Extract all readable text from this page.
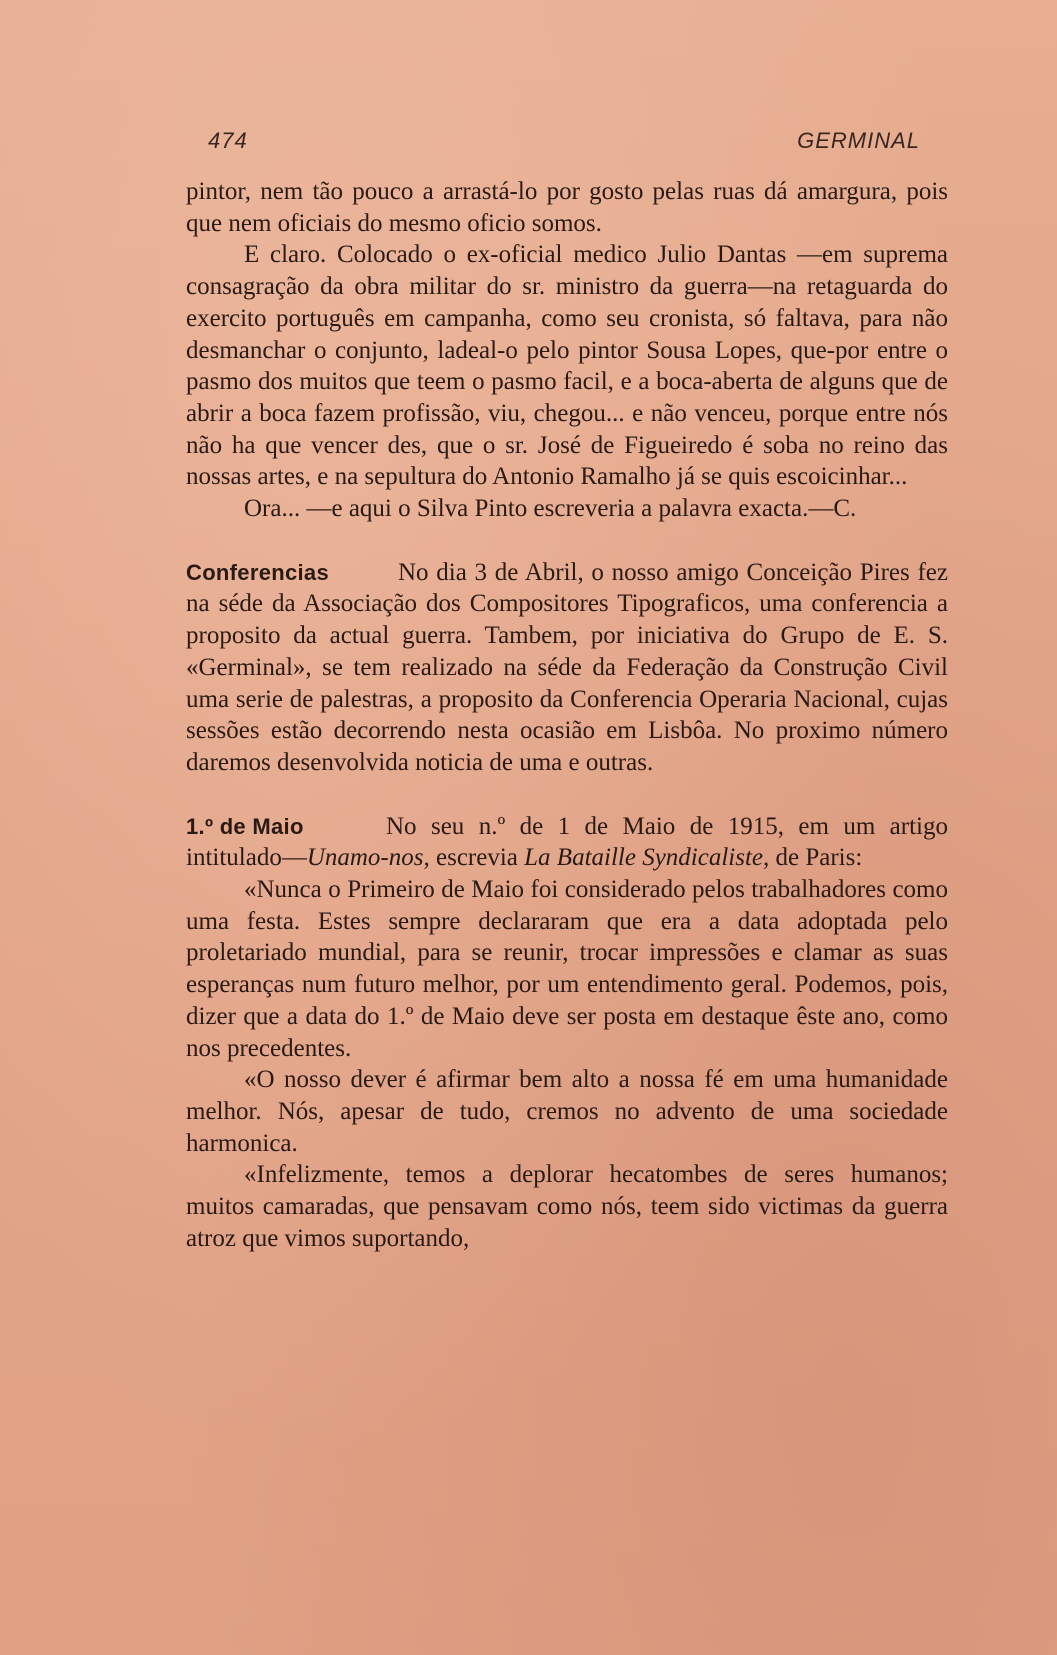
474	GERMINAL

pintor, nem tão pouco a arrastá-lo por gosto pelas ruas dá amargura, pois que nem oficiais do mesmo oficio somos.

E claro. Colocado o ex-oficial medico Julio Dantas —em suprema consagração da obra militar do sr. ministro da guerra—na retaguarda do exercito português em campanha, como seu cronista, só faltava, para não desmanchar o conjunto, ladeal-o pelo pintor Sousa Lopes, que-por entre o pasmo dos muitos que teem o pasmo facil, e a boca-aberta de alguns que de abrir a boca fazem profissão, viu, chegou... e não venceu, porque entre nós não ha que vencer des, que o sr. José de Figueiredo é soba no reino das nossas artes, e na sepultura do Antonio Ramalho já se quis escoicinhar...

Ora... —e aqui o Silva Pinto escreveria a palavra exacta.—C.

Conferencias	No dia 3 de Abril, o nosso amigo Conceição Pires fez na séde da Associação dos Compositores Tipograficos, uma conferencia a proposito da actual guerra. Tambem, por iniciativa do Grupo de E. S. «Germinal», se tem realizado na séde da Federação da Construção Civil uma serie de palestras, a proposito da Conferencia Operaria Nacional, cujas sessões estão decorrendo nesta ocasião em Lisbôa. No proximo número daremos desenvolvida noticia de uma e outras.

1.º de Maio	No seu n.º de 1 de Maio de 1915, em um artigo intitulado—Unamo-nos, escrevia La Bataille Syndicaliste, de Paris:

«Nunca o Primeiro de Maio foi considerado pelos trabalhadores como uma festa. Estes sempre declararam que era a data adoptada pelo proletariado mundial, para se reunir, trocar impressões e clamar as suas esperanças num futuro melhor, por um entendimento geral. Podemos, pois, dizer que a data do 1.º de Maio deve ser posta em destaque êste ano, como nos precedentes.

«O nosso dever é afirmar bem alto a nossa fé em uma humanidade melhor. Nós, apesar de tudo, cremos no advento de uma sociedade harmonica.

«Infelizmente, temos a deplorar hecatombes de seres humanos; muitos camaradas, que pensavam como nós, teem sido victimas da guerra atroz que vimos suportando,
